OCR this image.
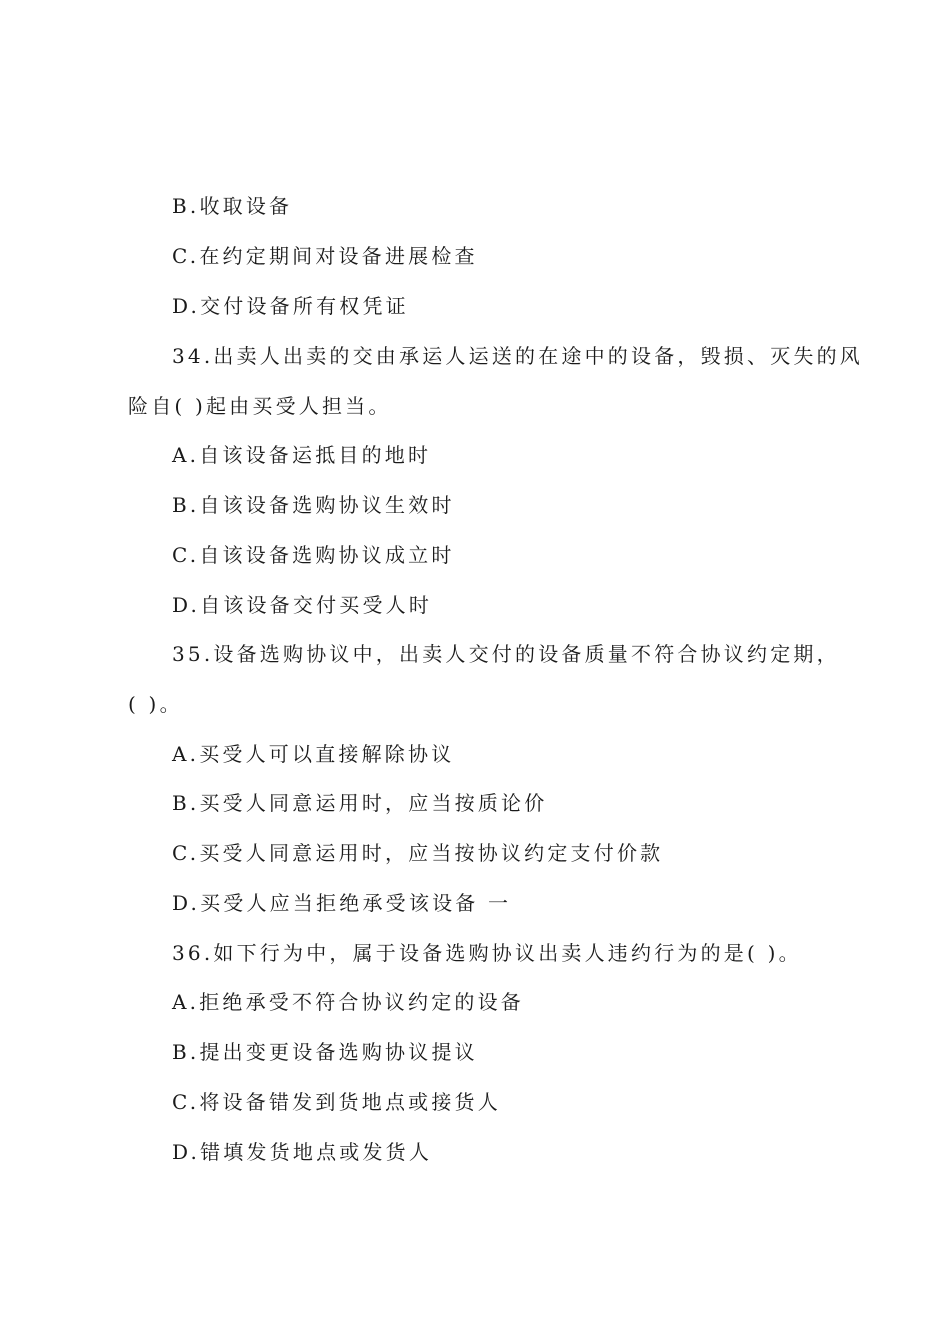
B.收取设备
C.在约定期间对设备进展检查
D.交付设备所有权凭证
34.出卖人出卖的交由承运人运送的在途中的设备，毁损、灭失的风
险自( )起由买受人担当。
A.自该设备运抵目的地时
B.自该设备选购协议生效时
C.自该设备选购协议成立时
D.自该设备交付买受人时
35.设备选购协议中，出卖人交付的设备质量不符合协议约定期，
( )。
A.买受人可以直接解除协议
B.买受人同意运用时，应当按质论价
C.买受人同意运用时，应当按协议约定支付价款
D.买受人应当拒绝承受该设备 一
36.如下行为中，属于设备选购协议出卖人违约行为的是( )。
A.拒绝承受不符合协议约定的设备
B.提出变更设备选购协议提议
C.将设备错发到货地点或接货人
D.错填发货地点或发货人
